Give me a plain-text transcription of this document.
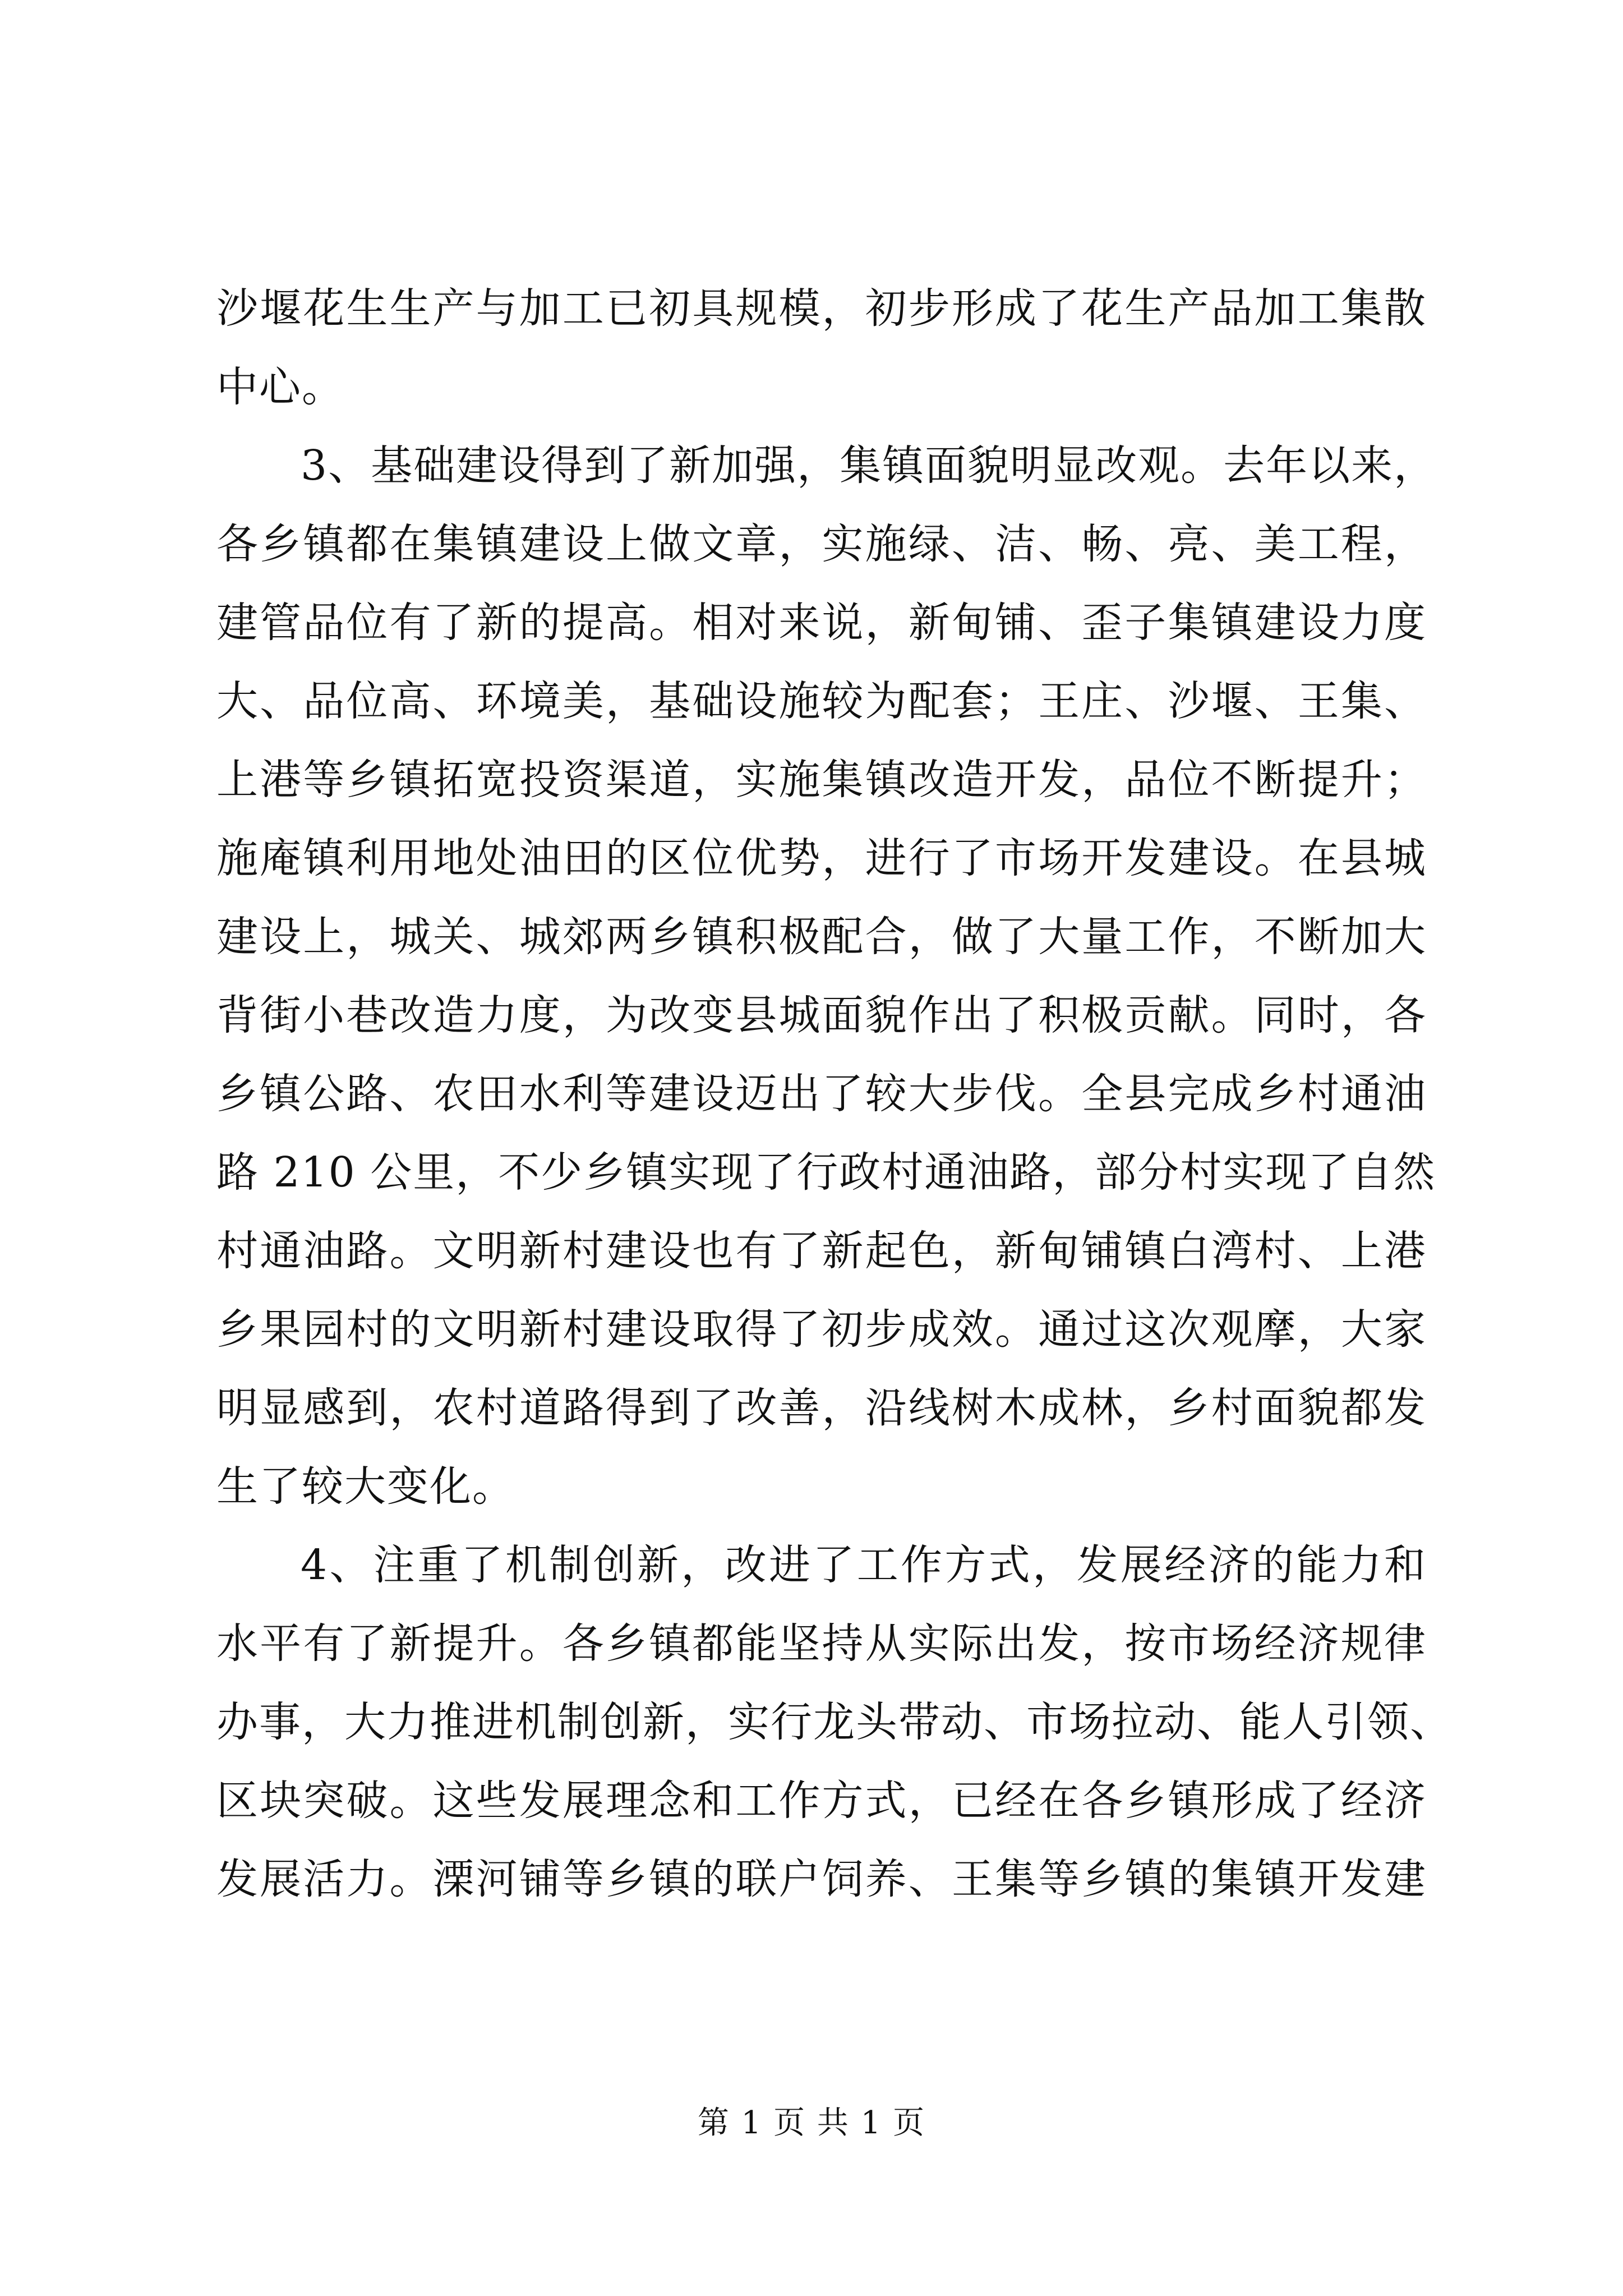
沙堰花生生产与加工已初具规模，初步形成了花生产品加工集散
中心。
3、基础建设得到了新加强，集镇面貌明显改观。去年以来，
各乡镇都在集镇建设上做文章，实施绿、洁、畅、亮、美工程，
建管品位有了新的提高。相对来说，新甸铺、歪子集镇建设力度
大、品位高、环境美，基础设施较为配套；王庄、沙堰、王集、
上港等乡镇拓宽投资渠道，实施集镇改造开发，品位不断提升；
施庵镇利用地处油田的区位优势，进行了市场开发建设。在县城
建设上，城关、城郊两乡镇积极配合，做了大量工作，不断加大
背街小巷改造力度，为改变县城面貌作出了积极贡献。同时，各
乡镇公路、农田水利等建设迈出了较大步伐。全县完成乡村通油
路 210 公里，不少乡镇实现了行政村通油路，部分村实现了自然
村通油路。文明新村建设也有了新起色，新甸铺镇白湾村、上港
乡果园村的文明新村建设取得了初步成效。通过这次观摩，大家
明显感到，农村道路得到了改善，沿线树木成林，乡村面貌都发
生了较大变化。
4、注重了机制创新，改进了工作方式，发展经济的能力和
水平有了新提升。各乡镇都能坚持从实际出发，按市场经济规律
办事，大力推进机制创新，实行龙头带动、市场拉动、能人引领、
区块突破。这些发展理念和工作方式，已经在各乡镇形成了经济
发展活力。溧河铺等乡镇的联户饲养、王集等乡镇的集镇开发建
第 1 页 共 1 页
